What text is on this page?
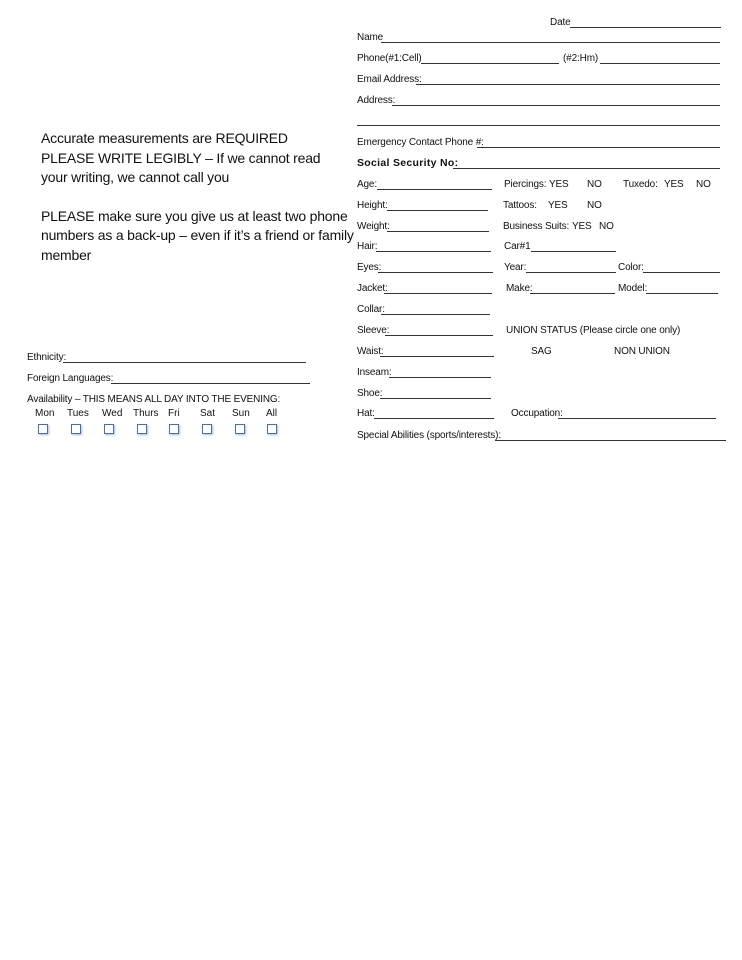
Accurate measurements are REQUIRED
PLEASE WRITE LEGIBLY – If we cannot read
your writing, we cannot call you
PLEASE make sure you give us at least two phone
numbers as a back-up – even if it’s a friend or family
member
Ethnicity:
Foreign Languages:
Availability – THIS MEANS ALL DAY INTO THE EVENING:
Mon Tues Wed Thurs Fri Sat Sun All
Date
Name
Phone(#1:Cell)	(#2:Hm)
Email Address:
Address:
Emergency Contact Phone #:
Social Security No:
Age:	Piercings: YES NO Tuxedo: YES NO
Height:	Tattoos: YES NO
Weight:	Business Suits: YES NO
Hair:	Car#1
Eyes:	Year:	Color:
Jacket:	Make:	Model:
Collar:
Sleeve:	UNION STATUS (Please circle one only)
Waist:	SAG	NON UNION
Inseam:
Shoe:
Hat:	Occupation:
Special Abilities (sports/interests):
